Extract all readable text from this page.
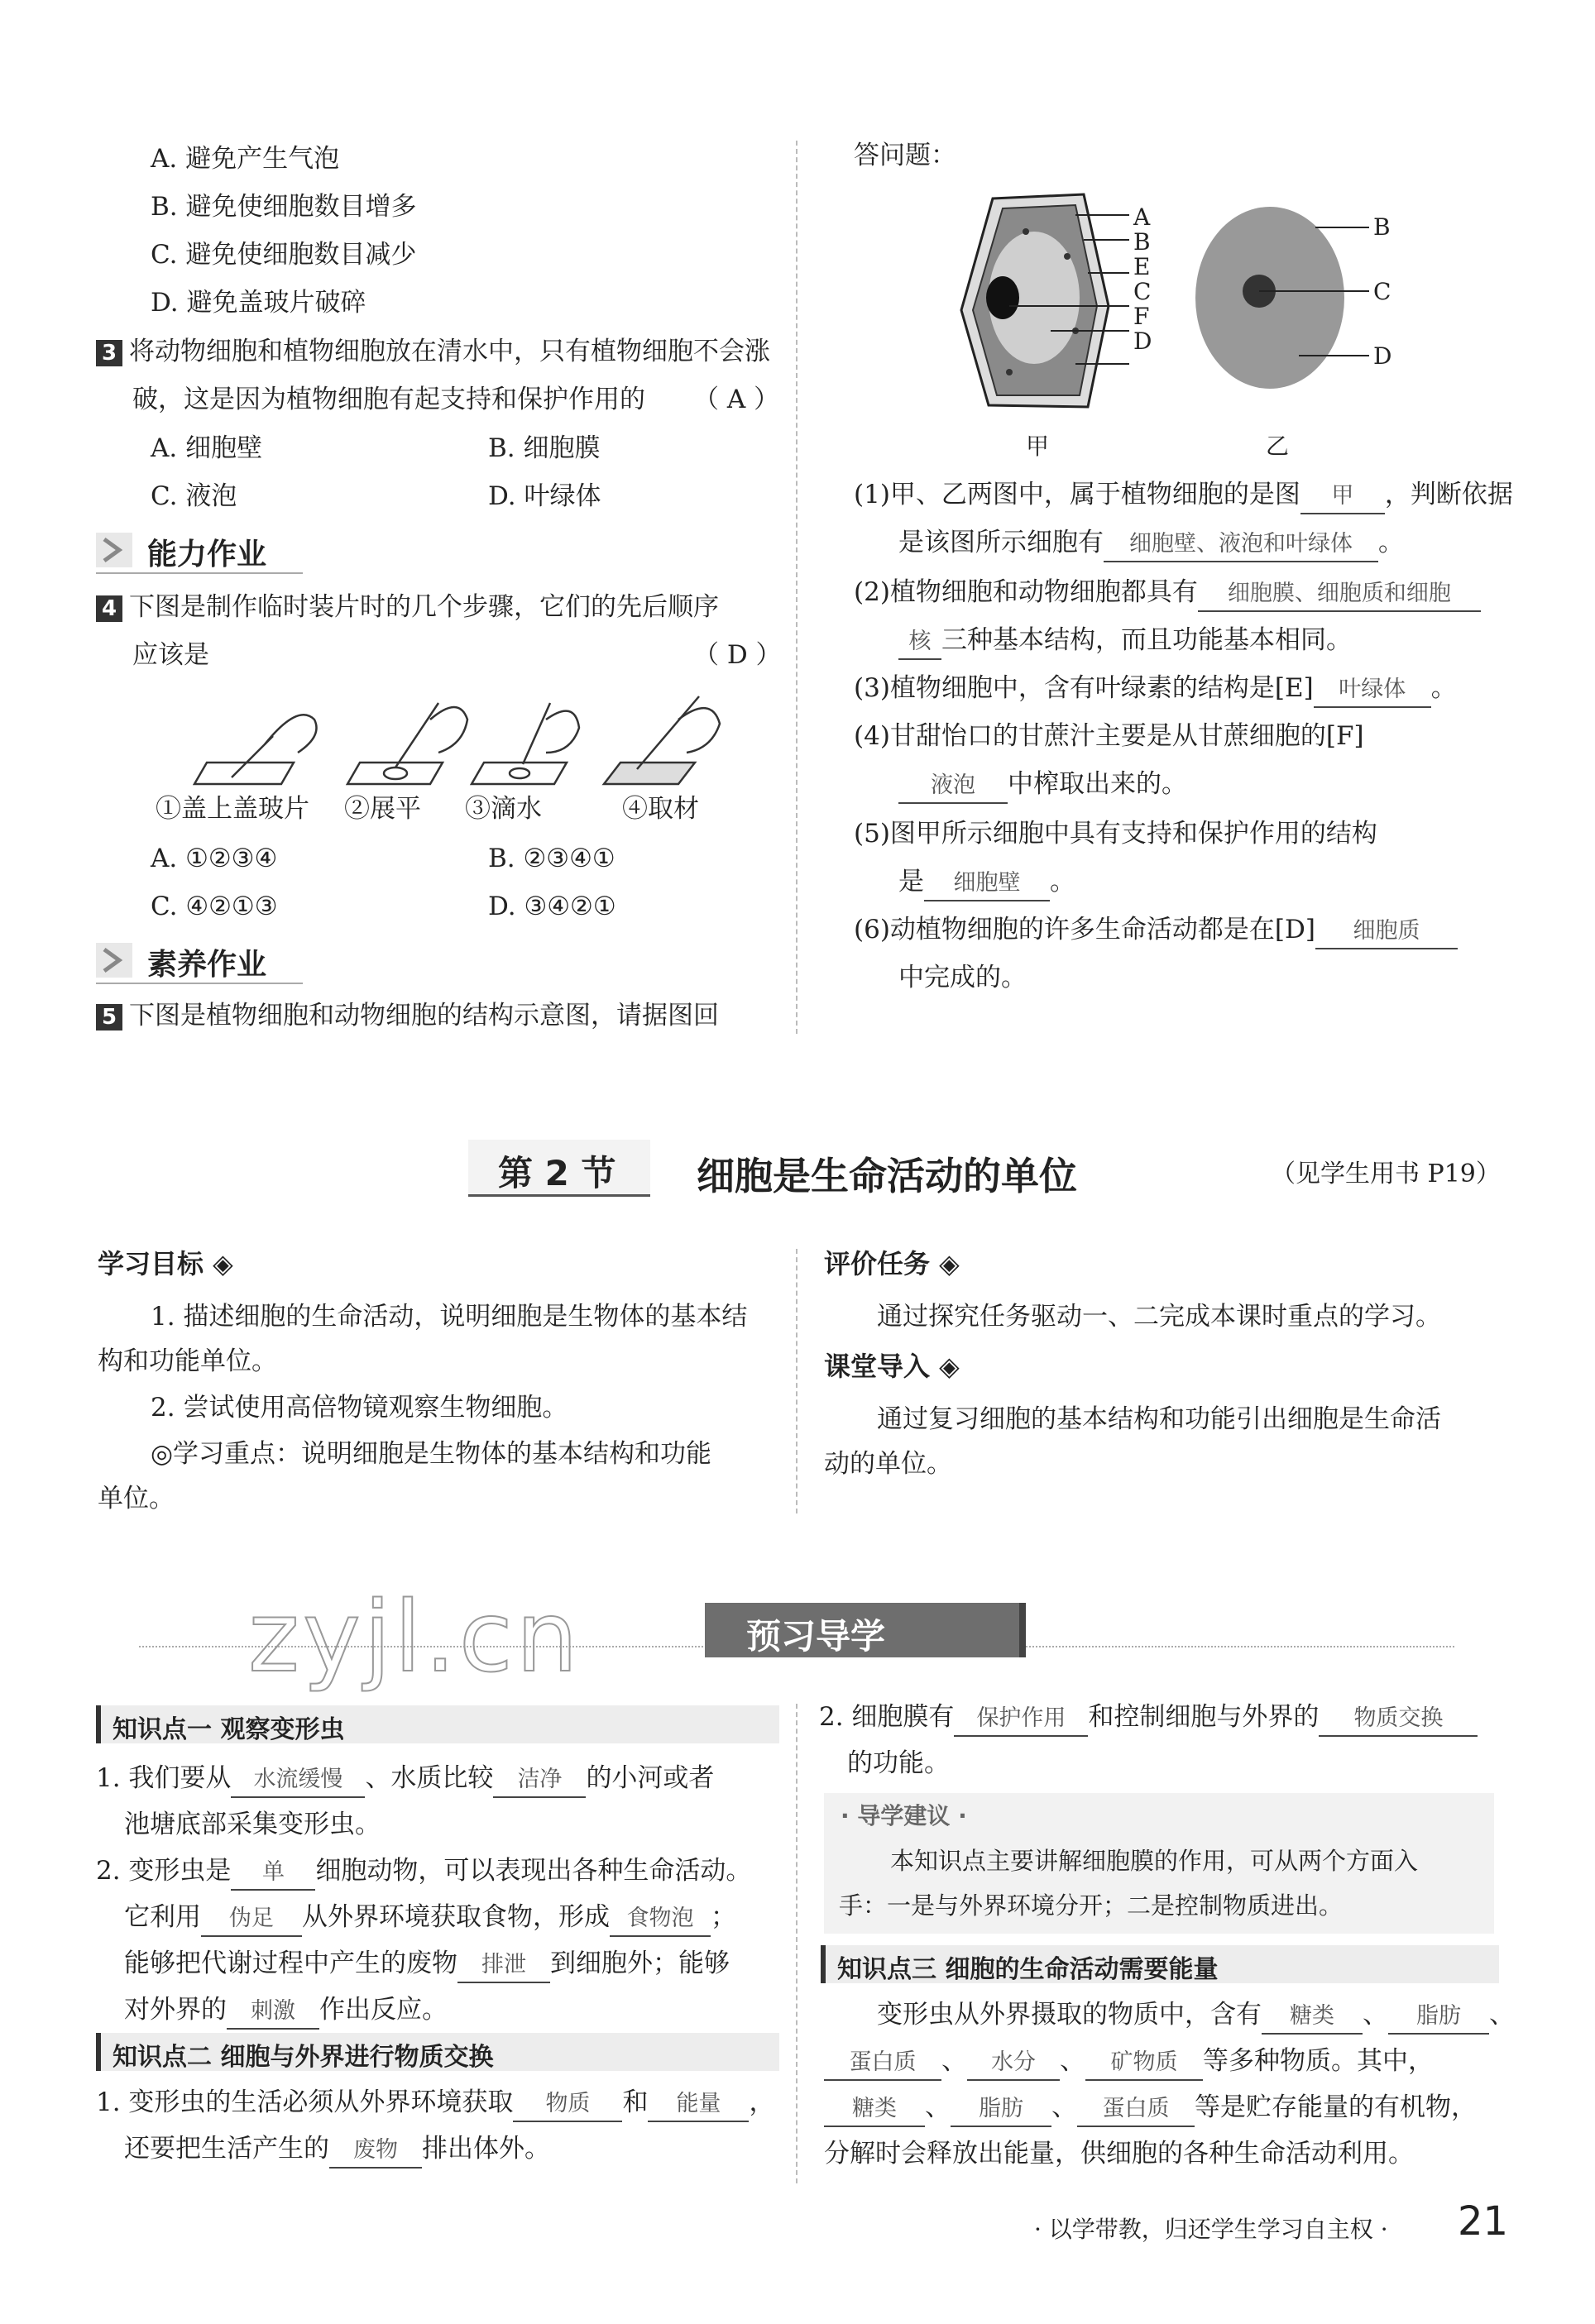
A. 避免产生气泡
B. 避免使细胞数目增多
C. 避免使细胞数目减少
D. 避免盖玻片破碎
3 将动物细胞和植物细胞放在清水中，只有植物细胞不会涨
破，这是因为植物细胞有起支持和保护作用的 （ A ）
A. 细胞壁	B. 细胞膜
C. 液泡	D. 叶绿体
能力作业
4 下图是制作临时装片时的几个步骤，它们的先后顺序
应该是	（ D ）
①盖上盖玻片 ②展平 ③滴水	④取材
A. ①②③④	B. ②③④①
C. ④②①③	D. ③④②①
素养作业
5 下图是植物细胞和动物细胞的结构示意图，请据图回
答问题：
A
B
E
C
F
D
B
C
D
甲	乙
(1)甲、乙两图中，属于植物细胞的是图 甲 ，判断依据
是该图所示细胞有 细胞壁、液泡和叶绿体 。
(2)植物细胞和动物细胞都具有 细胞膜、细胞质和细胞
核 三种基本结构，而且功能基本相同。
(3)植物细胞中，含有叶绿素的结构是[E] 叶绿体 。
(4)甘甜怡口的甘蔗汁主要是从甘蔗细胞的[F]
液泡 中榨取出来的。
(5)图甲所示细胞中具有支持和保护作用的结构
是 细胞壁 。
(6)动植物细胞的许多生命活动都是在[D] 细胞质
中完成的。
第 2 节 细胞是生命活动的单位	（见学生用书 P19）
学习目标 ◈
1. 描述细胞的生命活动，说明细胞是生物体的基本结
构和功能单位。
2. 尝试使用高倍物镜观察生物细胞。
◎学习重点：说明细胞是生物体的基本结构和功能
单位。
评价任务 ◈
通过探究任务驱动一、二完成本课时重点的学习。
课堂导入 ◈
通过复习细胞的基本结构和功能引出细胞是生命活
动的单位。
zyjl.cn	预习导学
知识点一 观察变形虫
1. 我们要从 水流缓慢 、水质比较 洁净 的小河或者
池塘底部采集变形虫。
2. 变形虫是 单 细胞动物，可以表现出各种生命活动。
它利用 伪足 从外界环境获取食物，形成 食物泡 ；
能够把代谢过程中产生的废物 排泄 到细胞外；能够
对外界的 刺激 作出反应。
知识点二 细胞与外界进行物质交换
1. 变形虫的生活必须从外界环境获取 物质 和 能量 ，
还要把生活产生的 废物 排出体外。
2. 细胞膜有 保护作用 和控制细胞与外界的 物质交换
的功能。
· 导学建议 ·
本知识点主要讲解细胞膜的作用，可从两个方面入
手：一是与外界环境分开；二是控制物质进出。
知识点三 细胞的生命活动需要能量
变形虫从外界摄取的物质中，含有 糖类 、 脂肪 、
蛋白质 、 水分 、 矿物质 等多种物质。其中，
糖类 、 脂肪 、 蛋白质 等是贮存能量的有机物，
分解时会释放出能量，供细胞的各种生命活动利用。
· 以学带教，归还学生学习自主权 · 21
